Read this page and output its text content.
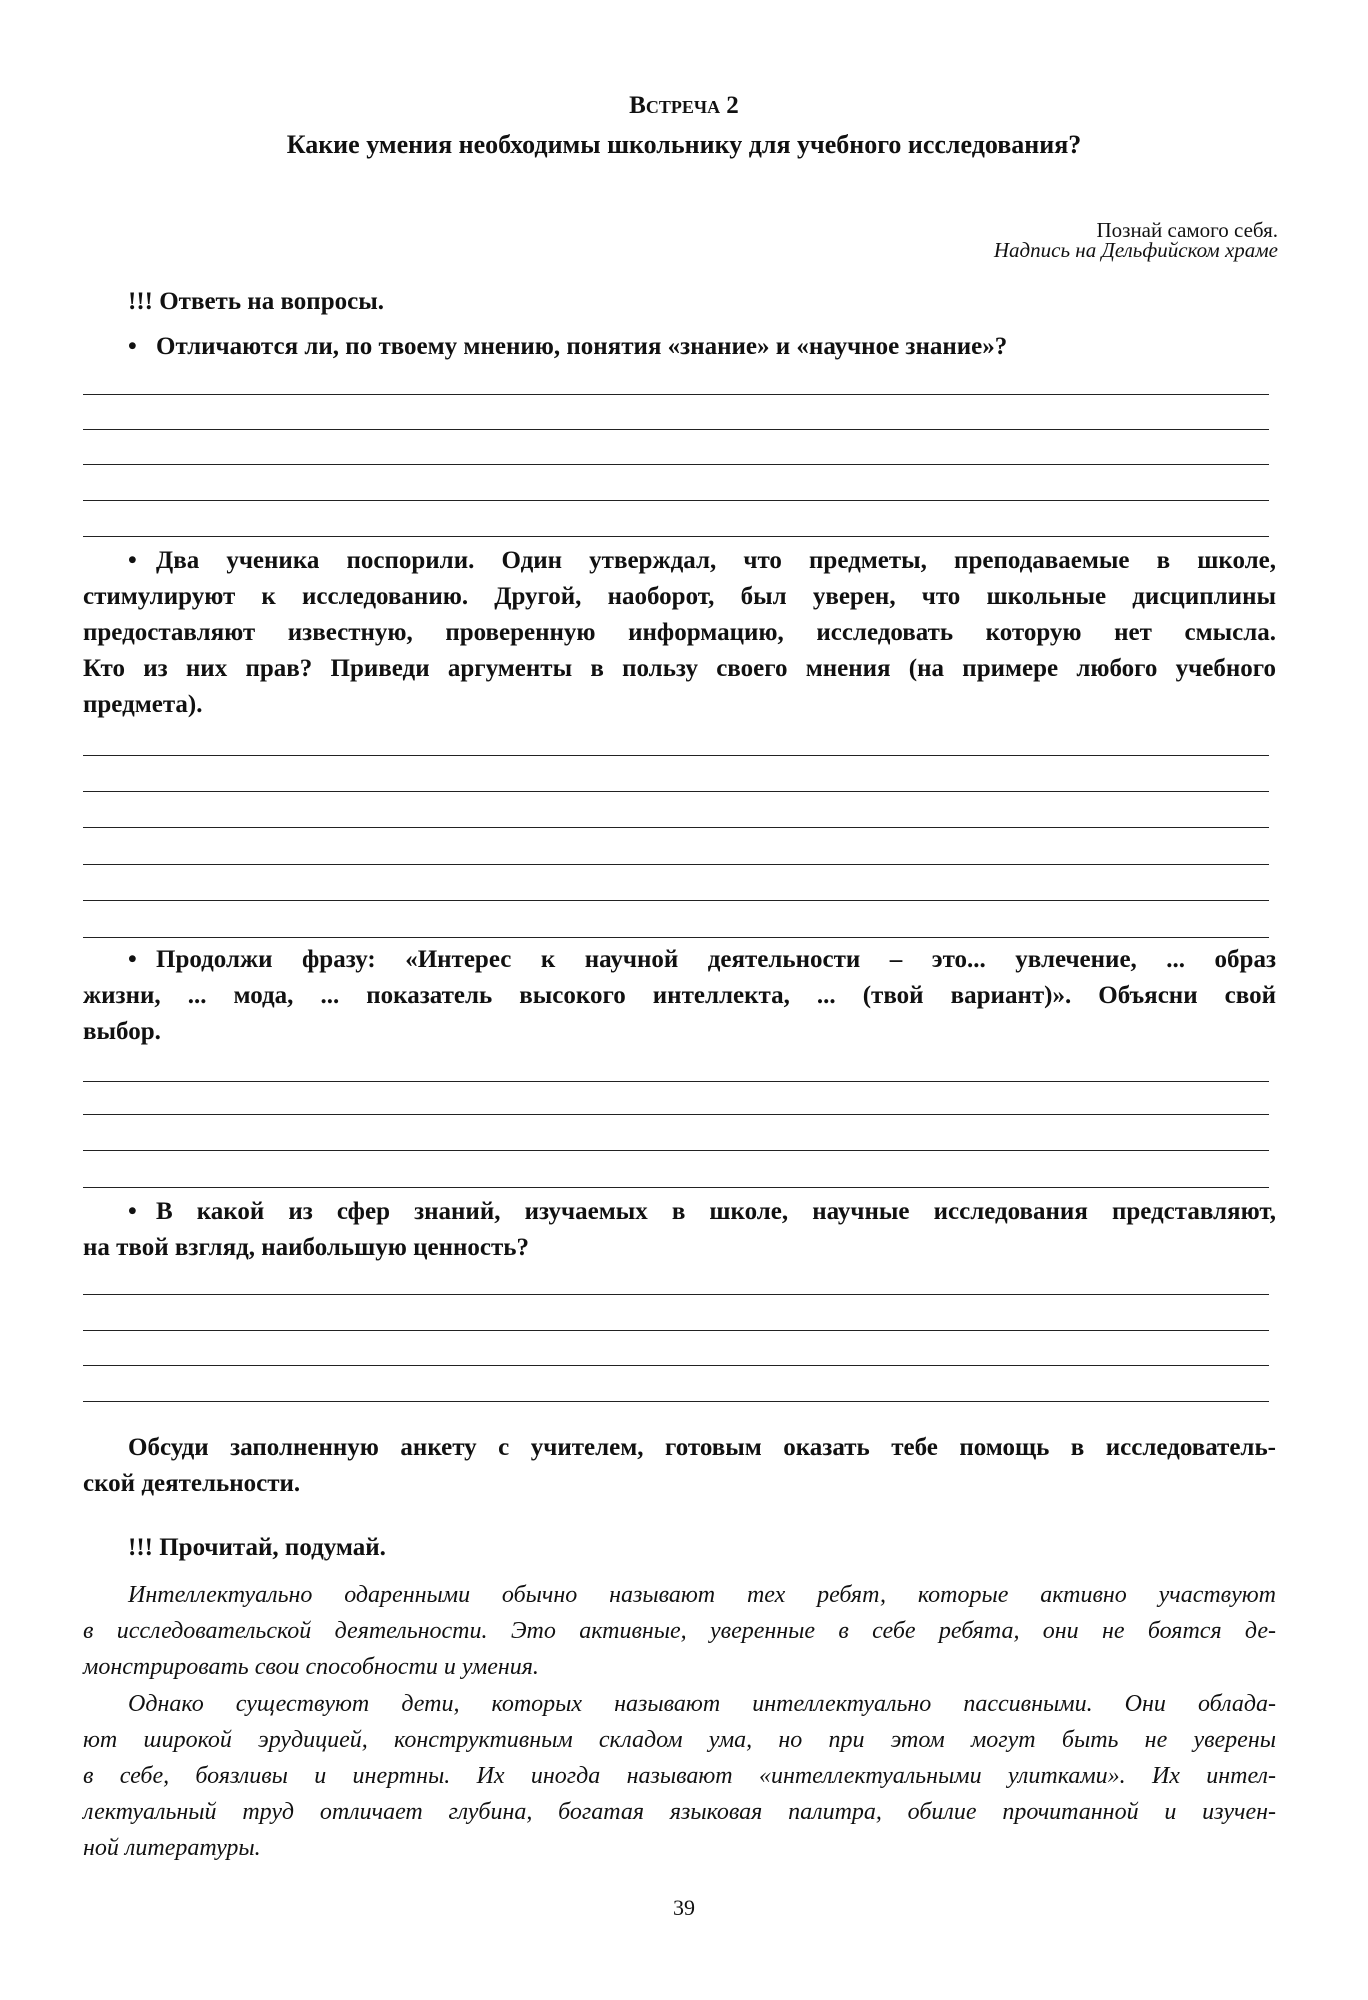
Встреча 2
Какие умения необходимы школьнику для учебного исследования?
Познай самого себя.
Надпись на Дельфийском храме
!!! Ответь на вопросы.
• Отличаются ли, по твоему мнению, понятия «знание» и «научное знание»?
• Два ученика поспорили. Один утверждал, что предметы, преподаваемые в школе,
стимулируют к исследованию. Другой, наоборот, был уверен, что школьные дисциплины
предоставляют известную, проверенную информацию, исследовать которую нет смысла.
Кто из них прав? Приведи аргументы в пользу своего мнения (на примере любого учебного
предмета).
• Продолжи фразу: «Интерес к научной деятельности – это... увлечение, ... образ
жизни, ... мода, ... показатель высокого интеллекта, ... (твой вариант)». Объясни свой
выбор.
• В какой из сфер знаний, изучаемых в школе, научные исследования представляют,
на твой взгляд, наибольшую ценность?
Обсуди заполненную анкету с учителем, готовым оказать тебе помощь в исследователь-
ской деятельности.
!!! Прочитай, подумай.
Интеллектуально одаренными обычно называют тех ребят, которые активно участвуют
в исследовательской деятельности. Это активные, уверенные в себе ребята, они не боятся де-
монстрировать свои способности и умения.
Однако существуют дети, которых называют интеллектуально пассивными. Они облада-
ют широкой эрудицией, конструктивным складом ума, но при этом могут быть не уверены
в себе, боязливы и инертны. Их иногда называют «интеллектуальными улитками». Их интел-
лектуальный труд отличает глубина, богатая языковая палитра, обилие прочитанной и изучен-
ной литературы.
39
